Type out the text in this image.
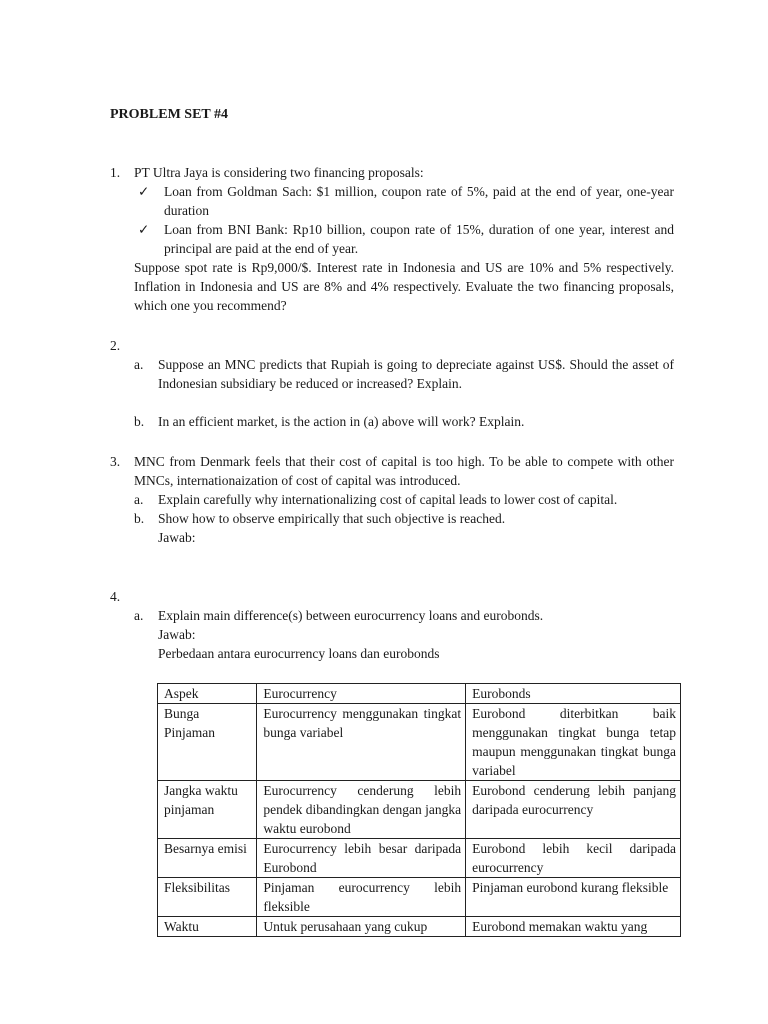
PROBLEM SET #4
1. PT Ultra Jaya is considering two financing proposals:
✓ Loan from Goldman Sach: $1 million, coupon rate of 5%, paid at the end of year, one-year duration
✓ Loan from BNI Bank: Rp10 billion, coupon rate of 15%, duration of one year, interest and principal are paid at the end of year.
Suppose spot rate is Rp9,000/$. Interest rate in Indonesia and US are 10% and 5% respectively. Inflation in Indonesia and US are 8% and 4% respectively. Evaluate the two financing proposals, which one you recommend?
2.
a. Suppose an MNC predicts that Rupiah is going to depreciate against US$. Should the asset of Indonesian subsidiary be reduced or increased? Explain.
b. In an efficient market, is the action in (a) above will work? Explain.
3. MNC from Denmark feels that their cost of capital is too high. To be able to compete with other MNCs, internationaization of cost of capital was introduced.
a. Explain carefully why internationalizing cost of capital leads to lower cost of capital.
b. Show how to observe empirically that such objective is reached.
Jawab:
4.
a. Explain main difference(s) between eurocurrency loans and eurobonds.
Jawab:
Perbedaan antara eurocurrency loans dan eurobonds
Aspek	Eurocurrency	Eurobonds
Bunga Pinjaman	Eurocurrency menggunakan tingkat bunga variabel	Eurobond diterbitkan baik menggunakan tingkat bunga tetap maupun menggunakan tingkat bunga variabel
Jangka waktu pinjaman	Eurocurrency cenderung lebih pendek dibandingkan dengan jangka waktu eurobond	Eurobond cenderung lebih panjang daripada eurocurrency
Besarnya emisi	Eurocurrency lebih besar daripada Eurobond	Eurobond lebih kecil daripada eurocurrency
Fleksibilitas	Pinjaman eurocurrency lebih fleksible	Pinjaman eurobond kurang fleksible
Waktu	Untuk perusahaan yang cukup	Eurobond memakan waktu yang
